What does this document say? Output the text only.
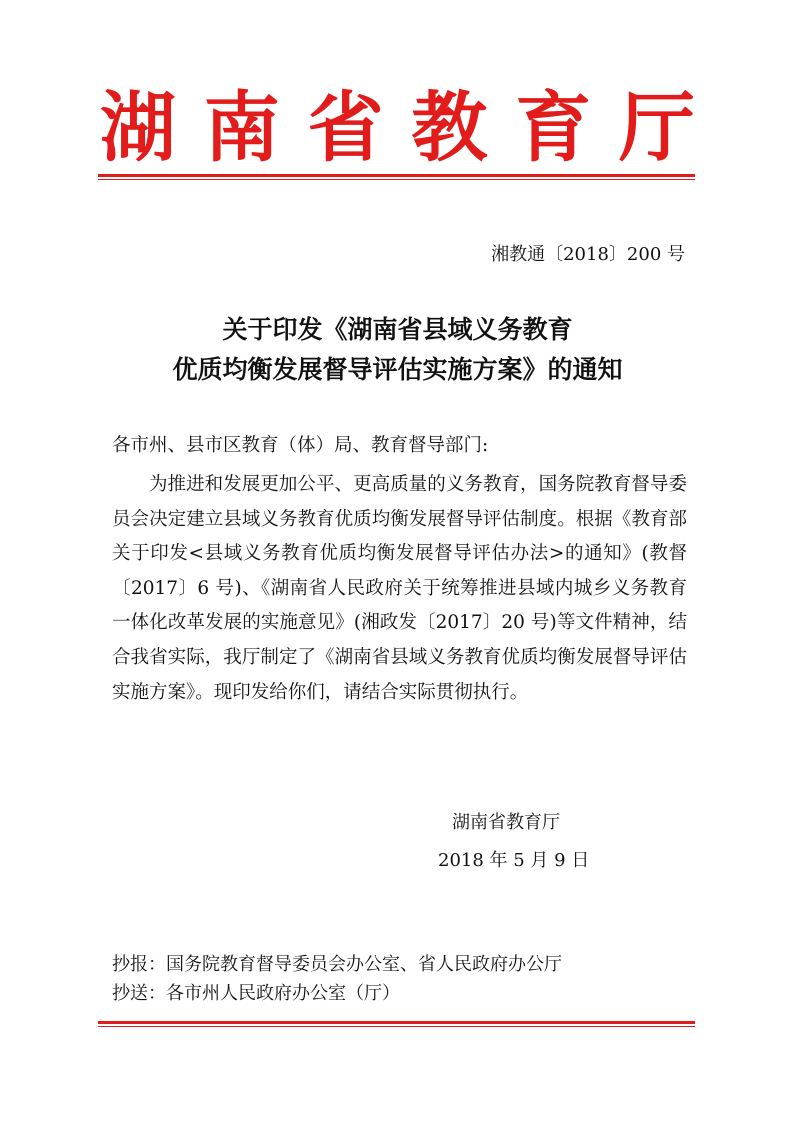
湖 南 省 教 育 厅
湘教通〔2018〕200 号
关于印发《湖南省县域义务教育
优质均衡发展督导评估实施方案》的通知
各市州、县市区教育（体）局、教育督导部门:
为推进和发展更加公平、更高质量的义务教育，国务院教育督导委员会决定建立县域义务教育优质均衡发展督导评估制度。根据《教育部关于印发<县域义务教育优质均衡发展督导评估办法>的通知》(教督〔2017〕6 号)、《湖南省人民政府关于统筹推进县域内城乡义务教育一体化改革发展的实施意见》(湘政发〔2017〕20 号)等文件精神，结合我省实际，我厅制定了《湖南省县域义务教育优质均衡发展督导评估实施方案》。现印发给你们，请结合实际贯彻执行。
湖南省教育厅
2018 年 5 月 9 日
抄报：国务院教育督导委员会办公室、省人民政府办公厅
抄送：各市州人民政府办公室（厅）
